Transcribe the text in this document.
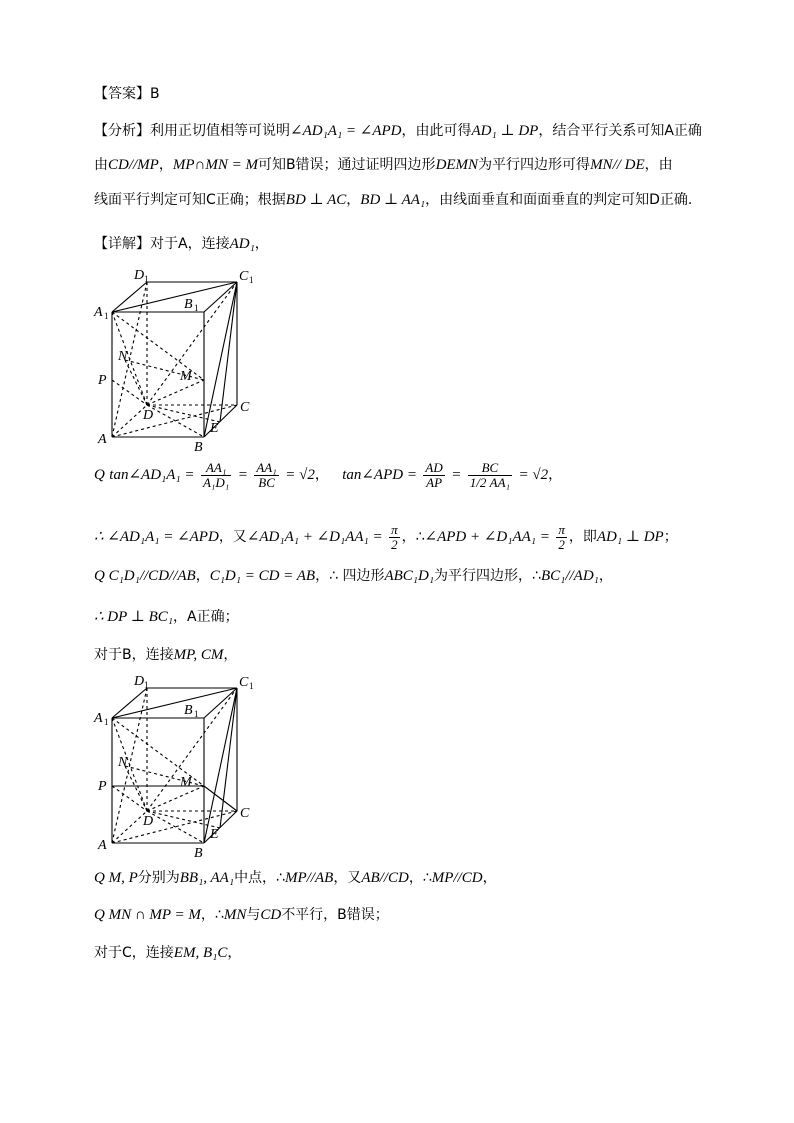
【答案】B
【分析】利用正切值相等可说明∠AD₁A₁ = ∠APD，由此可得AD₁ ⊥ DP，结合平行关系可知A正确
由CD//MP，MP∩MN = M可知B错误；通过证明四边形DEMN为平行四边形可得MN// DE，由
线面平行判定可知C正确；根据BD ⊥ AC，BD ⊥ AA₁，由线面垂直和面面垂直的判定可知D正确.
【详解】对于A，连接AD₁，
D 1	C 1
A 1
B 1
N
P	M
D
C
A
B
E
Q tan∠AD₁A₁ = $\frac{\text{AA₁}}{\text{A₁D₁}} = \frac{\text{AA₁}}{BC} = √2$， tan∠APD = $\frac{AD}{AP} = \frac{BC}{\text{1/2 AA₁}} = √2$，
∴ ∠AD₁A₁ = ∠APD，又∠AD₁A₁ + ∠D₁AA₁ = $\frac{\pi}{2}$ ，∴∠APD + ∠D₁AA₁ = $\frac{\pi}{2}$ ，即AD₁ ⊥ DP；
Q C₁D₁//CD//AB，C₁D₁ = CD = AB，∴ 四边形ABC₁D₁为平行四边形，∴BC₁//AD₁，
∴ DP ⊥ BC₁，A正确；
对于B，连接MP, CM，
D 1	C 1
A 1
B 1
N
P	M
D
C
A
B
E
Q M, P分别为BB₁, AA₁中点，∴MP//AB，又AB//CD，∴MP//CD，
Q MN ∩ MP = M，∴MN与CD不平行，B错误；
对于C，连接EM, B₁C，
